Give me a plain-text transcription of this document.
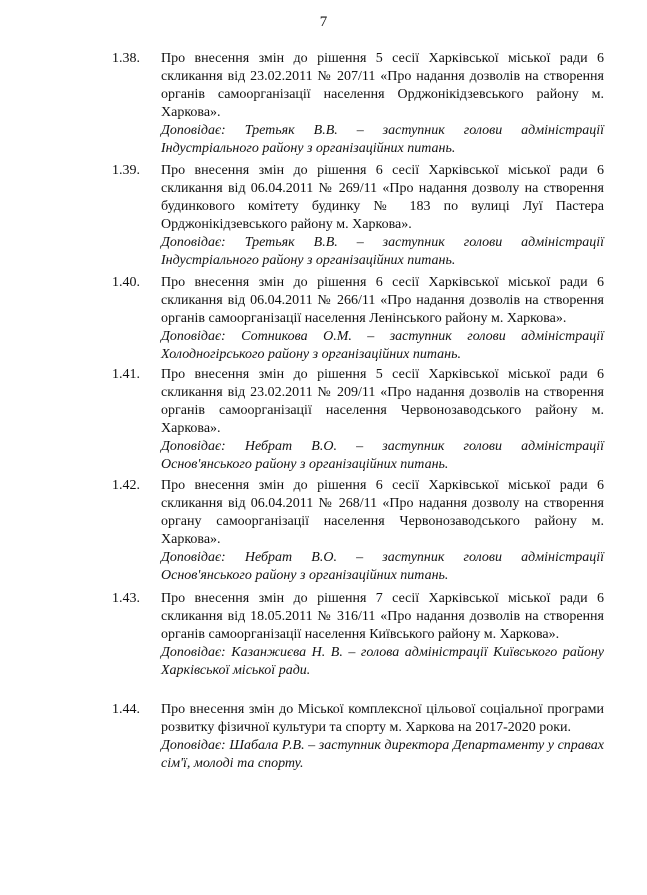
7
1.38. Про внесення змін до рішення 5 сесії Харківської міської ради 6 скликання від 23.02.2011 № 207/11 «Про надання дозволів на створення органів самоорганізації населення Орджонікідзевського району м. Харкова».

Доповідає: Третьяк В.В. – заступник голови адміністрації Індустріального району з організаційних питань.

1.39. Про внесення змін до рішення 6 сесії Харківської міської ради 6 скликання від 06.04.2011 № 269/11 «Про надання дозволу на створення будинкового комітету будинку № 183 по вулиці Луї Пастера Орджонікідзевського району м. Харкова».

Доповідає: Третьяк В.В. – заступник голови адміністрації Індустріального району з організаційних питань.

1.40. Про внесення змін до рішення 6 сесії Харківської міської ради 6 скликання від 06.04.2011 № 266/11 «Про надання дозволів на створення органів самоорганізації населення Ленінського району м. Харкова».

Доповідає: Сотникова О.М. – заступник голови адміністрації Холодногірського району з організаційних питань.

1.41. Про внесення змін до рішення 5 сесії Харківської міської ради 6 скликання від 23.02.2011 № 209/11 «Про надання дозволів на створення органів самоорганізації населення Червонозаводського району м. Харкова».

Доповідає: Небрат В.О. – заступник голови адміністрації Основ'янського району з організаційних питань.

1.42. Про внесення змін до рішення 6 сесії Харківської міської ради 6 скликання від 06.04.2011 № 268/11 «Про надання дозволу на створення органу самоорганізації населення Червонозаводського району м. Харкова».

Доповідає: Небрат В.О. – заступник голови адміністрації Основ'янського району з організаційних питань.

1.43. Про внесення змін до рішення 7 сесії Харківської міської ради 6 скликання від 18.05.2011 № 316/11 «Про надання дозволів на створення органів самоорганізації населення Київського району м. Харкова».

Доповідає: Казанжиєва Н. В. – голова адміністрації Київського району Харківської міської ради.

1.44. Про внесення змін до Міської комплексної цільової соціальної програми розвитку фізичної культури та спорту м. Харкова на 2017-2020 роки.

Доповідає: Шабала Р.В. – заступник директора Департаменту у справах сім'ї, молоді та спорту.
